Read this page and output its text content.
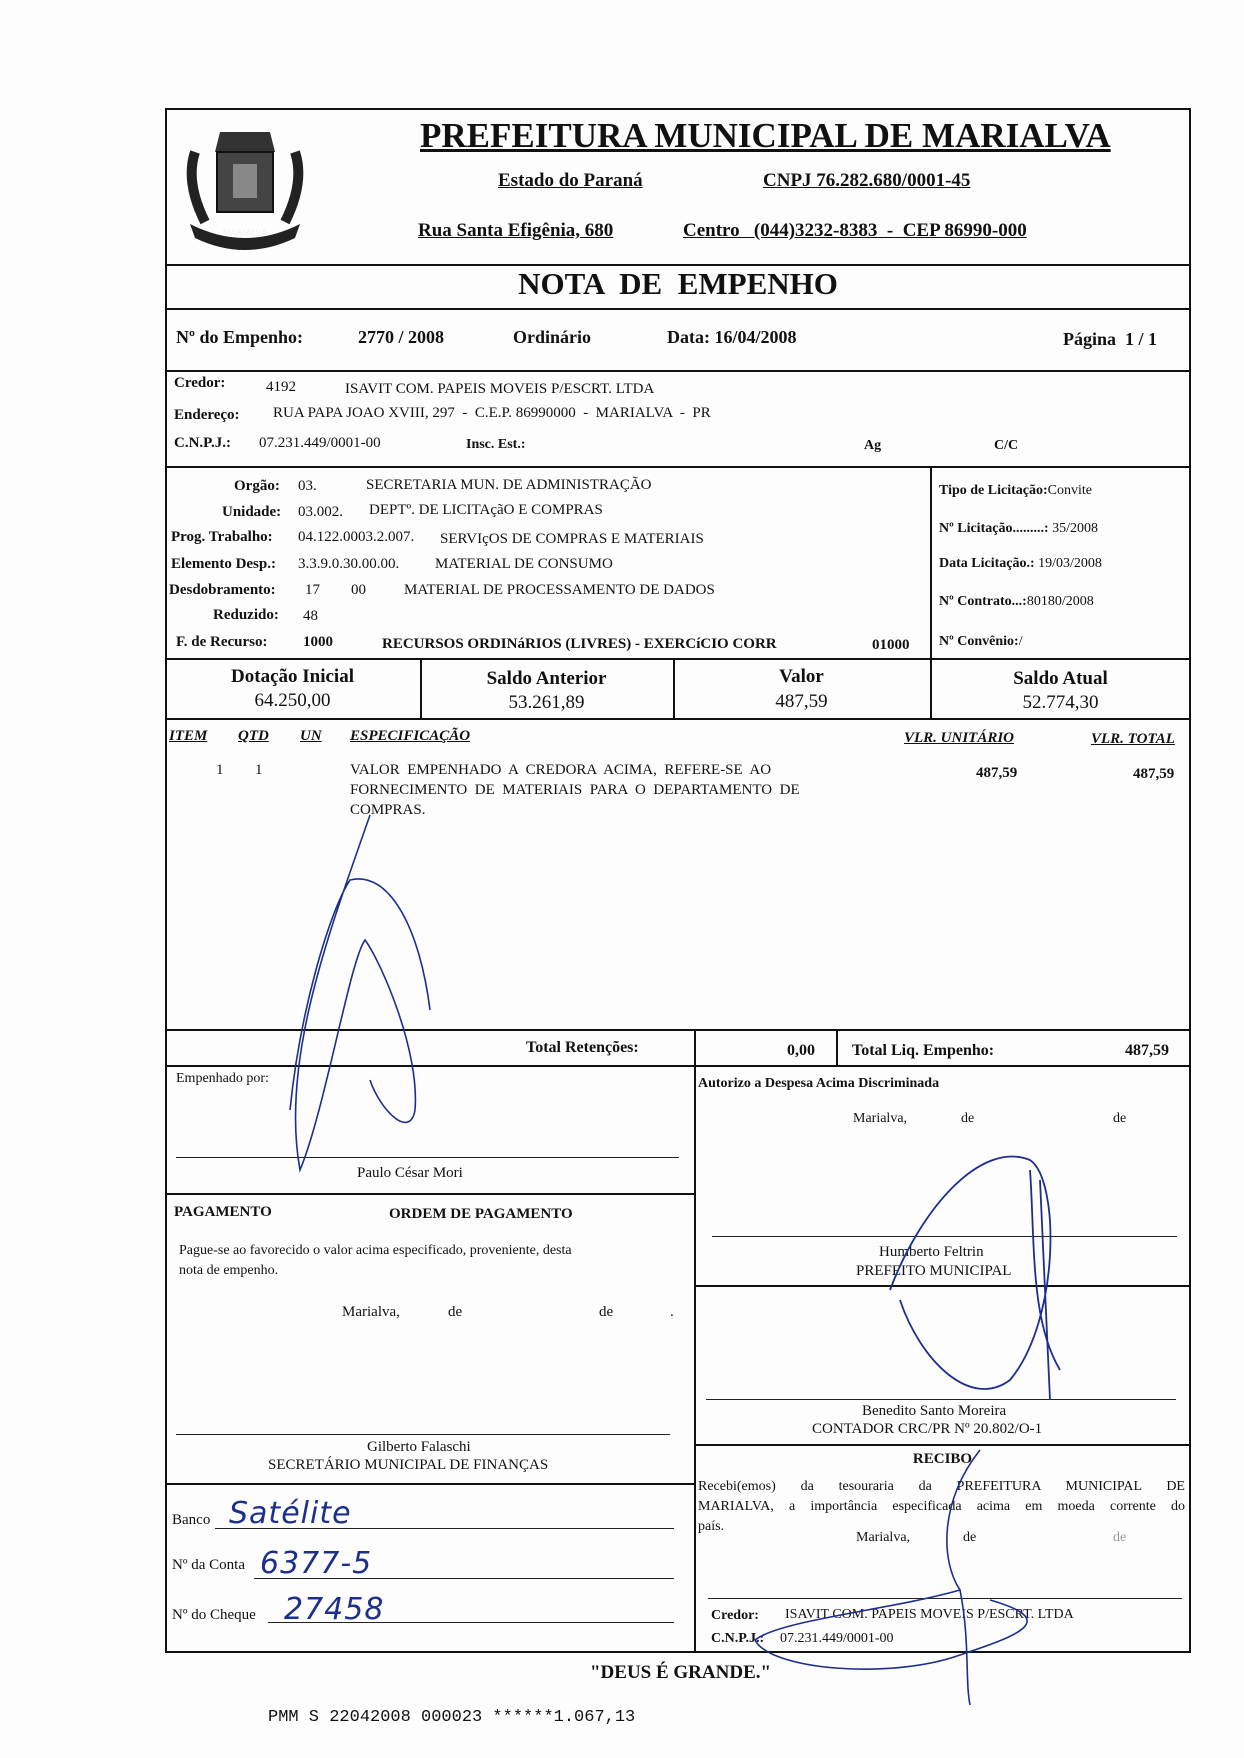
MARIALVA
PREFEITURA MUNICIPAL DE MARIALVA
Estado do Paraná	CNPJ 76.282.680/0001-45
Rua Santa Efigênia, 680	Centro   (044)3232-8383  -  CEP 86990-000
NOTA  DE  EMPENHO
Nº do Empenho:	2770 / 2008	Ordinário	Data: 16/04/2008	Página  1 / 1
Credor:	4192	ISAVIT COM. PAPEIS MOVEIS P/ESCRT. LTDA
Endereço: RUA PAPA JOAO XVIII, 297  -  C.E.P. 86990000  -  MARIALVA  -  PR
C.N.P.J.: 07.231.449/0001-00	Insc. Est.:	Ag	C/C
Orgão: 03.	SECRETARIA MUN. DE ADMINISTRAÇÃO
Unidade: 03.002. DEPTº. DE LICITAçãO E COMPRAS
Prog. Trabalho: 04.122.0003.2.007. SERVIçOS DE COMPRAS E MATERIAIS
Elemento Desp.: 3.3.9.0.30.00.00. MATERIAL DE CONSUMO
Desdobramento: 17 00	MATERIAL DE PROCESSAMENTO DE DADOS
Reduzido: 48
F. de Recurso: 1000	RECURSOS ORDINáRIOS (LIVRES) - EXERCíCIO CORR	01000
Tipo de Licitação:Convite
Nº Licitação.........: 35/2008
Data Licitação.: 19/03/2008
Nº Contrato...:80180/2008
Nº Convênio:/
Dotação Inicial
64.250,00
Saldo Anterior
53.261,89
Valor
487,59
Saldo Atual
52.774,30
ITEM QTD UN ESPECIFICAÇÃO	VLR. UNITÁRIO	VLR. TOTAL
1 1	VALOR  EMPENHADO  A  CREDORA  ACIMA,  REFERE-SE  AO
FORNECIMENTO  DE  MATERIAIS  PARA  O  DEPARTAMENTO  DE
COMPRAS.
487,59	487,59
Total Retenções:	0,00 Total Liq. Empenho:	487,59
Empenhado por:
Paulo César Mori
Autorizo a Despesa Acima Discriminada
Marialva,	de	de
Humberto Feltrin
PREFEITO MUNICIPAL
PAGAMENTO	ORDEM DE PAGAMENTO
Pague-se ao favorecido o valor acima especificado, proveniente, desta
nota de empenho.
Marialva,	de	de	.
Gilberto Falaschi
SECRETÁRIO MUNICIPAL DE FINANÇAS
Benedito Santo Moreira
CONTADOR CRC/PR Nº 20.802/O-1
Banco Satélite
Nº da Conta 6377-5
Nº do Cheque 27458
RECIBO
Recebi(emos) da tesouraria da PREFEITURA MUNICIPAL DE
MARIALVA, a importância especificada acima em moeda corrente do
país.
Marialva,	de	de
Credor: ISAVIT COM. PAPEIS MOVEIS P/ESCRT. LTDA
C.N.P.J.: 07.231.449/0001-00
"DEUS É GRANDE."
PMM S 22042008 000023 ******1.067,13
